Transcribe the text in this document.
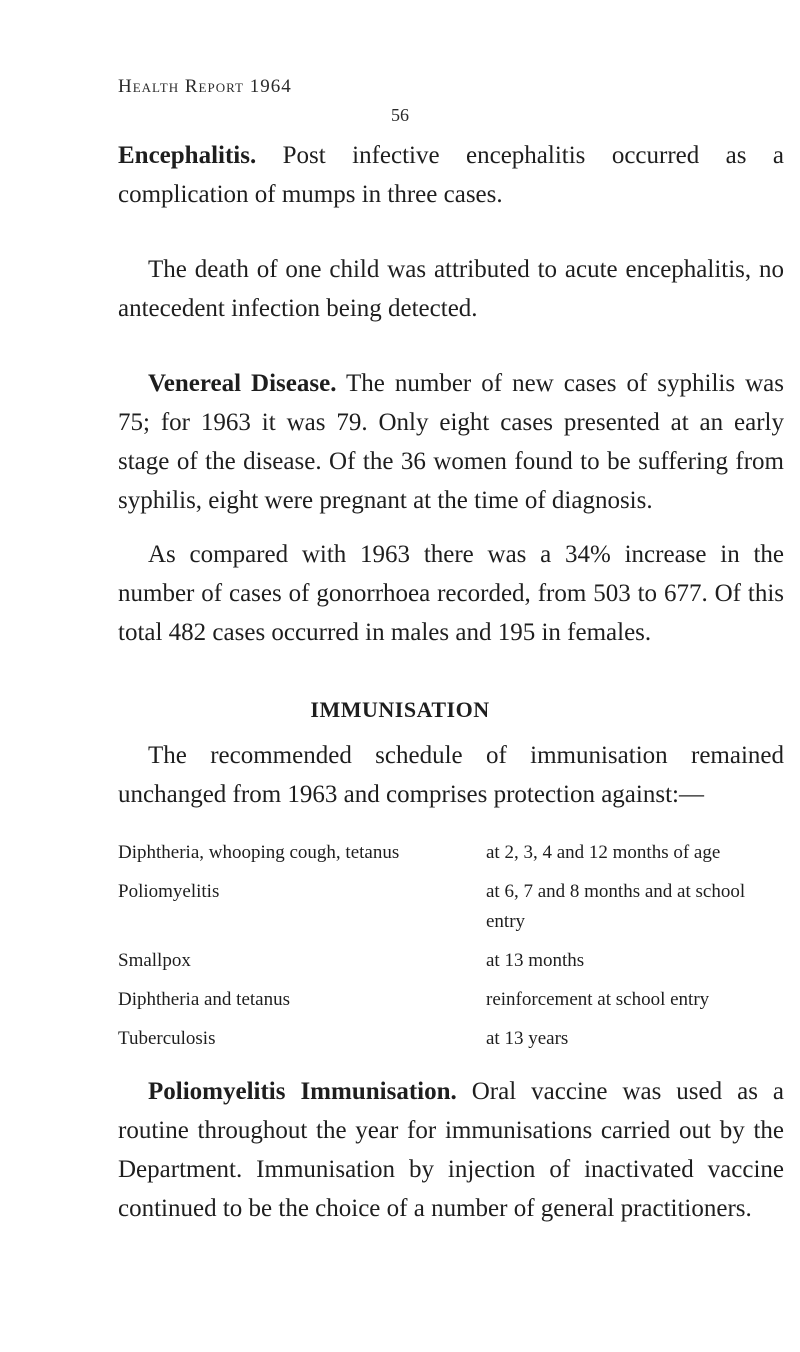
Health Report 1964
56

Encephalitis. Post infective encephalitis occurred as a complication of mumps in three cases.

The death of one child was attributed to acute encephalitis, no antecedent infection being detected.

Venereal Disease. The number of new cases of syphilis was 75; for 1963 it was 79. Only eight cases presented at an early stage of the disease. Of the 36 women found to be suffering from syphilis, eight were pregnant at the time of diagnosis.

As compared with 1963 there was a 34% increase in the number of cases of gonorrhoea recorded, from 503 to 677. Of this total 482 cases occurred in males and 195 in females.

IMMUNISATION

The recommended schedule of immunisation remained unchanged from 1963 and comprises protection against:—

Diphtheria, whooping cough, tetanus	at 2, 3, 4 and 12 months of age
Poliomyelitis	at 6, 7 and 8 months and at school entry
Smallpox	at 13 months
Diphtheria and tetanus	reinforcement at school entry
Tuberculosis	at 13 years

Poliomyelitis Immunisation. Oral vaccine was used as a routine throughout the year for immunisations carried out by the Department. Immunisation by injection of inactivated vaccine continued to be the choice of a number of general practitioners.
